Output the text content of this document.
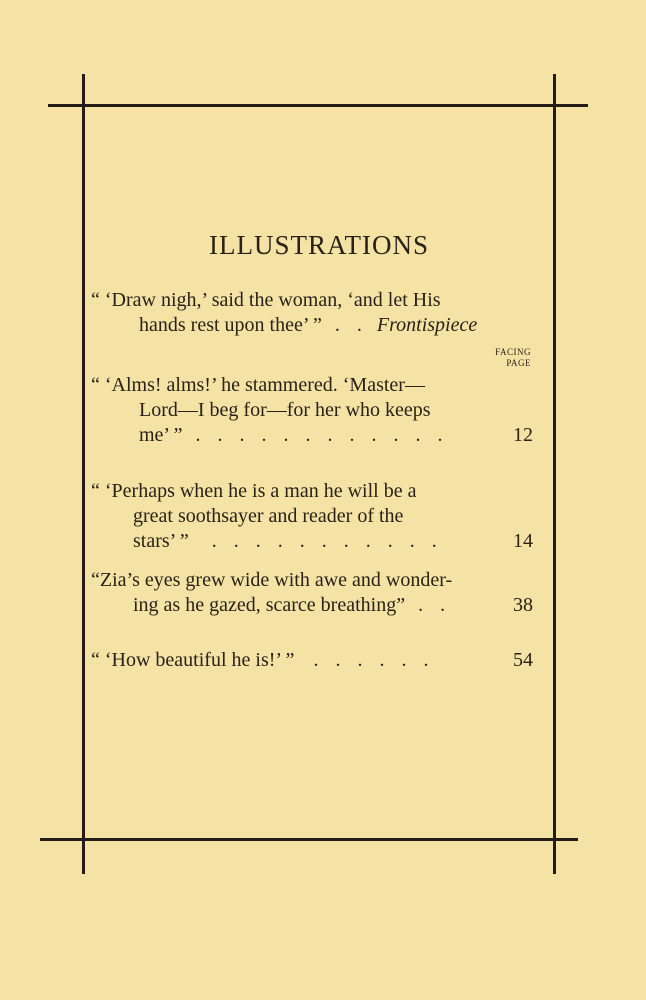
ILLUSTRATIONS
“ ‘Draw nigh,’ said the woman, ‘and let His
hands rest upon thee’ ” . . Frontispiece
FACING
PAGE
“ ‘Alms! alms!’ he stammered. ‘Master—
Lord—I beg for—for her who keeps
me’ ” . . . . . . . . . . . .	12
“ ‘Perhaps when he is a man he will be a
great soothsayer and reader of the
stars’ ” . . . . . . . . . . .	14
“Zia’s eyes grew wide with awe and wonder-
ing as he gazed, scarce breathing” . .	38
“ ‘How beautiful he is!’ ” . . . . . .	54
